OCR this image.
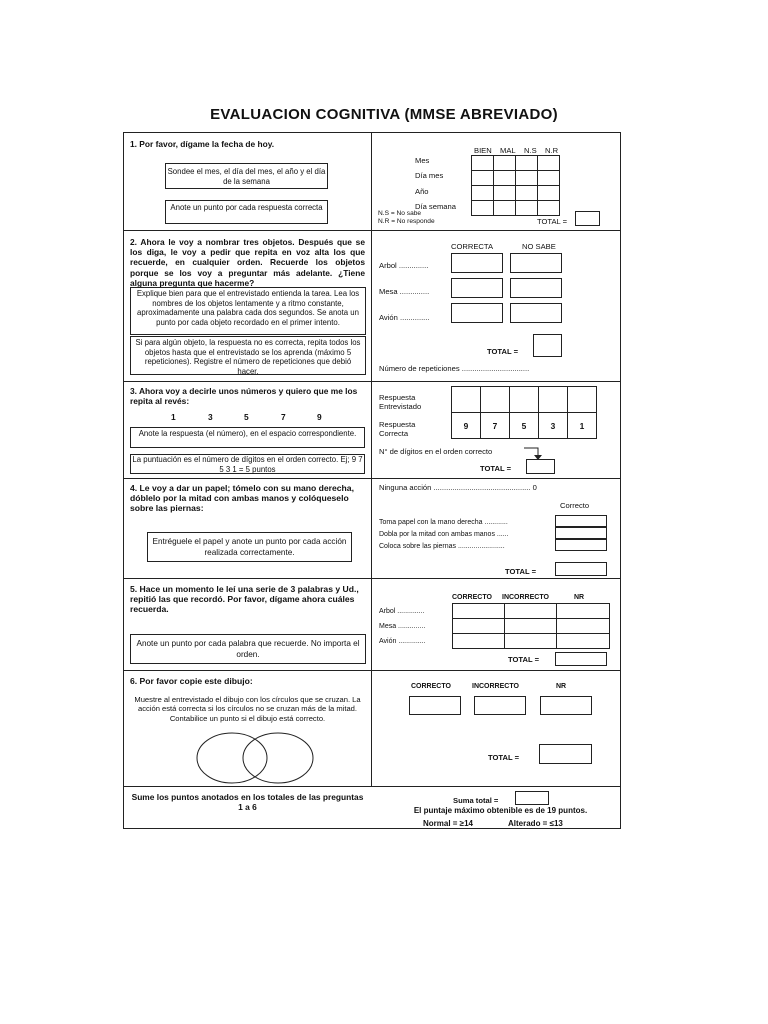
EVALUACION COGNITIVA (MMSE ABREVIADO)
1. Por favor, dígame la fecha de hoy.
Sondee el mes, el día del mes, el año y el día de la semana
Anote un punto por cada respuesta correcta
BIEN MAL N.S N.R
Mes
Día mes
Año
Día semana

N.S = No sabe
N.R = No responde	TOTAL =
2. Ahora le voy a nombrar tres objetos. Después que se los diga, le voy a pedir que repita en voz alta los que recuerde, en cualquier orden. Recuerde los objetos porque se los voy a preguntar más adelante. ¿Tiene alguna pregunta que hacerme?
Explique bien para que el entrevistado entienda la tarea. Lea los nombres de los objetos lentamente y a ritmo constante, aproximadamente una palabra cada dos segundos. Se anota un punto por cada objeto recordado en el primer intento.
Si para algún objeto, la respuesta no es correcta, repita todos los objetos hasta que el entrevistado se los aprenda (máximo 5 repeticiones). Registre el número de repeticiones que debió hacer.
CORRECTA	NO SABE
Arbol ..............
Mesa ..............
Avión ..............
TOTAL =
Número de repeticiones ................................
3. Ahora voy a decirle unos números y quiero que me los repita al revés:
1	3	5	7	9
Anote la respuesta (el número), en el espacio correspondiente.
La puntuación es el número de dígitos en el orden correcto. Ej; 9 7 5 3 1 = 5 puntos
Respuesta Entrevistado
Respuesta Correcta

9	7	5	3	1
N° de dígitos en el orden correcto
TOTAL =
4. Le voy a dar un papel; tómelo con su mano derecha, dóblelo por la mitad con ambas manos y colóqueselo sobre las piernas:
Entréguele el papel y anote un punto por cada acción realizada correctamente.
Ninguna acción .............................................. 0
Correcto
Toma papel con la mano derecha ............
Dobla por la mitad con ambas manos ......
Coloca sobre las piernas ........................
TOTAL =
5. Hace un momento le leí una serie de 3 palabras y Ud., repitió las que recordó. Por favor, dígame ahora cuáles recuerda.
Anote un punto por cada palabra que recuerde. No importa el orden.
CORRECTO INCORRECTO	NR
Arbol ..............
Mesa ..............
Avión ..............

TOTAL =
6. Por favor copie este dibujo:
Muestre al entrevistado el dibujo con los círculos que se cruzan. La acción está correcta si los círculos no se cruzan más de la mitad. Contabilice un punto si el dibujo está correcto.
CORRECTO	INCORRECTO	NR
TOTAL =
Sume los puntos anotados en los totales de las preguntas 1 a 6
Suma total =
El puntaje máximo obtenible es de 19 puntos.
Normal = ≥14	Alterado = ≤13
